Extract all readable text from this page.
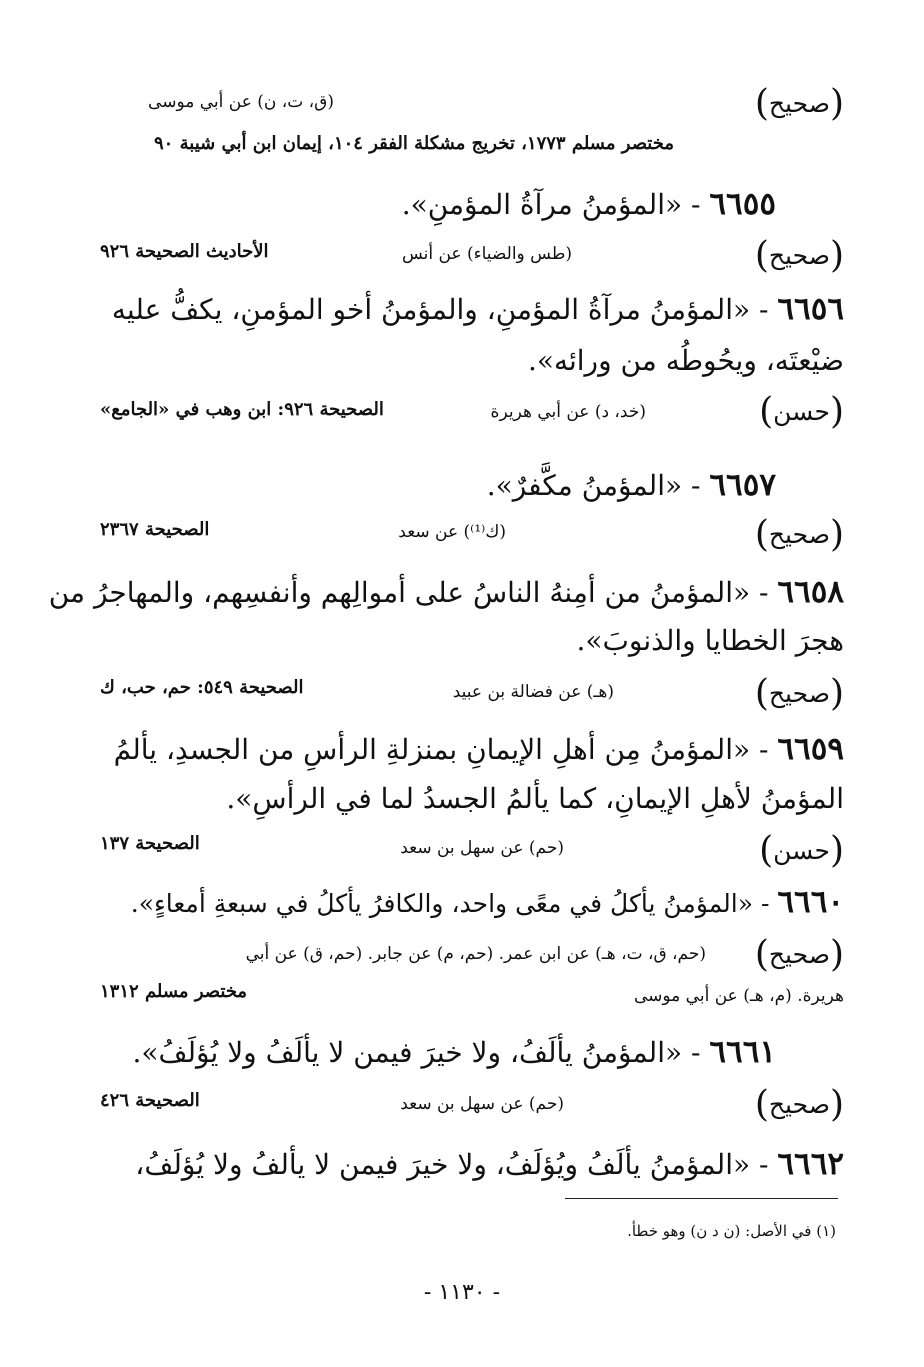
(صحيح)
(ق، ت، ن) عن أبي موسى
مختصر مسلم ١٧٧٣، تخريج مشكلة الفقر ١٠٤، إيمان ابن أبي شيبة ٩٠
٦٦٥٥ - «المؤمنُ مرآةُ المؤمنِ».
(صحيح)
(طس والضياء) عن أنس
الأحاديث الصحيحة ٩٢٦
٦٦٥٦ - «المؤمنُ مرآةُ المؤمنِ، والمؤمنُ أخو المؤمنِ، يكفُّ عليه
ضيْعتَه، ويحُوطُه من ورائه».
(حسن)
(خد، د) عن أبي هريرة
الصحيحة ٩٢٦: ابن وهب في «الجامع»
٦٦٥٧ - «المؤمنُ مكَّفرٌ».
(صحيح)
(ك⁽¹⁾) عن سعد
الصحيحة ٢٣٦٧
٦٦٥٨ - «المؤمنُ من أمِنهُ الناسُ على أموالِهم وأنفسِهم، والمهاجرُ من
هجرَ الخطايا والذنوبَ».
(صحيح)
(هـ) عن فضالة بن عبيد
الصحيحة ٥٤٩: حم، حب، ك
٦٦٥٩ - «المؤمنُ مِن أهلِ الإيمانِ بمنزلةِ الرأسِ من الجسدِ، يألمُ
المؤمنُ لأهلِ الإيمانِ، كما يألمُ الجسدُ لما في الرأسِ».
(حسن)
(حم) عن سهل بن سعد
الصحيحة ١٣٧
٦٦٦٠ - «المؤمنُ يأكلُ في معًى واحد، والكافرُ يأكلُ في سبعةِ أمعاءٍ».
(صحيح)
(حم، ق، ت، هـ) عن ابن عمر. (حم، م) عن جابر. (حم، ق) عن أبي
هريرة. (م، هـ) عن أبي موسى
مختصر مسلم ١٣١٢
٦٦٦١ - «المؤمنُ يألَفُ، ولا خيرَ فيمن لا يألَفُ ولا يُؤلَفُ».
(صحيح)
(حم) عن سهل بن سعد
الصحيحة ٤٢٦
٦٦٦٢ - «المؤمنُ يألَفُ ويُؤلَفُ، ولا خيرَ فيمن لا يألفُ ولا يُؤلَفُ،
(١) في الأصل: (ن د ن) وهو خطأ.
- ١١٣٠ -
